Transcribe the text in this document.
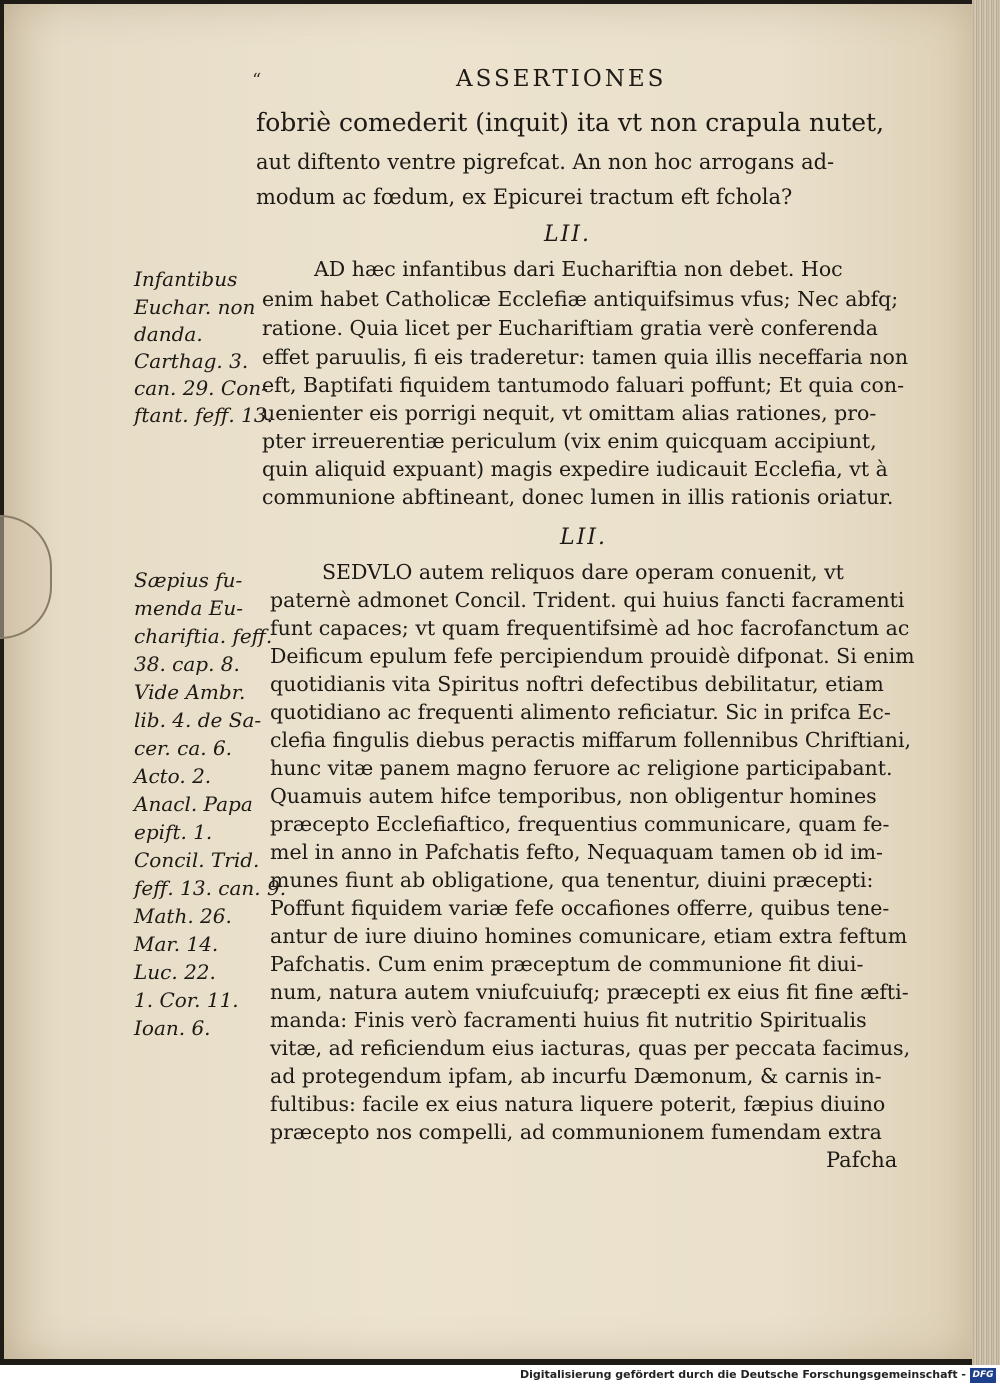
“	ASSERTIONES
fobriè comederit (inquit) ita vt non crapula nutet,
aut diftento ventre pigrefcat. An non hoc arrogans ad-
modum ac fœdum, ex Epicurei tractum eft fchola?
LII.
AD hæc infantibus dari Euchariftia non debet. Hoc
enim habet Catholicæ Ecclefiæ antiquifsimus vfus; Nec abfq;
ratione. Quia licet per Euchariftiam gratia verè conferenda
effet paruulis, fi eis traderetur: tamen quia illis neceffaria non
eft, Baptifati fiquidem tantumodo faluari poffunt; Et quia con-
uenienter eis porrigi nequit, vt omittam alias rationes, pro-
pter irreuerentiæ periculum (vix enim quicquam accipiunt,
quin aliquid expuant) magis expedire iudicauit Ecclefia, vt à
communione abftineant, donec lumen in illis rationis oriatur.
Infantibus
Euchar. non
danda.
Carthag. 3.
can. 29. Con-
ftant. feff. 13.
LII.
SEDVLO autem reliquos dare operam conuenit, vt
paternè admonet Concil. Trident. qui huius fancti facramenti
funt capaces; vt quam frequentifsimè ad hoc facrofanctum ac
Deificum epulum fefe percipiendum prouidè difponat. Si enim
quotidianis vita Spiritus noftri defectibus debilitatur, etiam
quotidiano ac frequenti alimento reficiatur. Sic in prifca Ec-
clefia fingulis diebus peractis miffarum follennibus Chriftiani,
hunc vitæ panem magno feruore ac religione participabant.
Quamuis autem hifce temporibus, non obligentur homines
præcepto Ecclefiaftico, frequentius communicare, quam fe-
mel in anno in Pafchatis fefto, Nequaquam tamen ob id im-
munes fiunt ab obligatione, qua tenentur, diuini præcepti:
Poffunt fiquidem variæ fefe occafiones offerre, quibus tene-
antur de iure diuino homines comunicare, etiam extra feftum
Pafchatis. Cum enim præceptum de communione fit diui-
num, natura autem vniufcuiufq; præcepti ex eius fit fine æfti-
manda: Finis verò facramenti huius fit nutritio Spiritualis
vitæ, ad reficiendum eius iacturas, quas per peccata facimus,
ad protegendum ipfam, ab incurfu Dæmonum, & carnis in-
fultibus: facile ex eius natura liquere poterit, fæpius diuino
præcepto nos compelli, ad communionem fumendam extra
Sæpius fu-
menda Eu-
chariftia. feff.
38. cap. 8.
Vide Ambr.
lib. 4. de Sa-
cer. ca. 6.
Acto. 2.
Anacl. Papa
epift. 1.
Concil. Trid.
feff. 13. can. 9.
Math. 26.
Mar. 14.
Luc. 22.
1. Cor. 11.
Ioan. 6.
Pafcha
Digitalisierung gefördert durch die Deutsche Forschungsgemeinschaft - DFG
